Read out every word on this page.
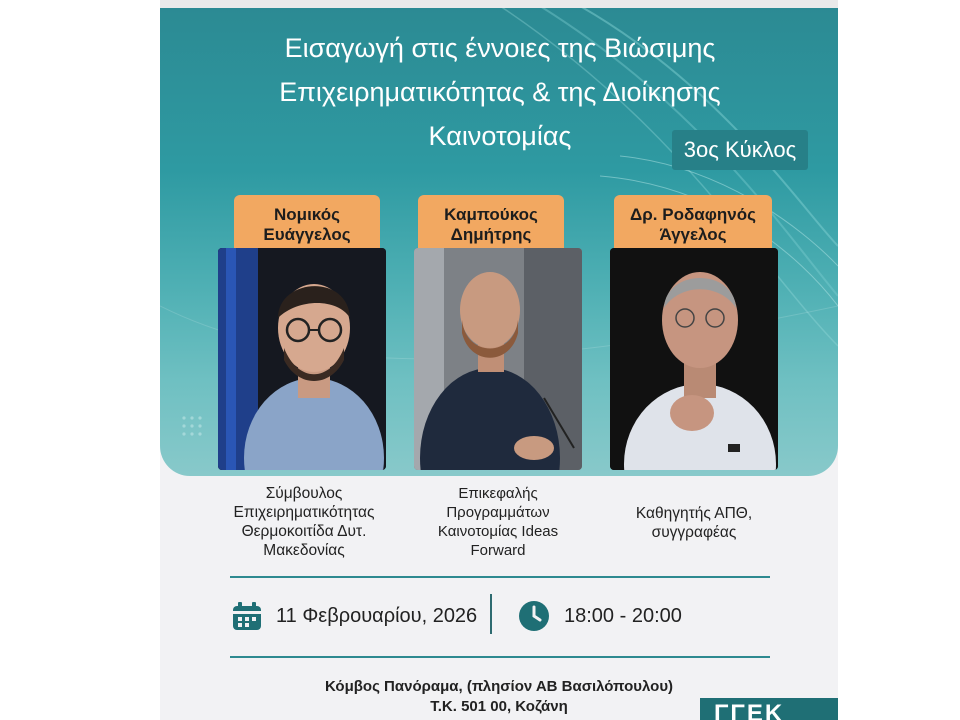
Εισαγωγή στις έννοιες της Βιώσιμης
Επιχειρηματικότητας & της Διοίκησης
Καινοτομίας	3ος Κύκλος
Νομικός
Ευάγγελος
Σύμβουλος
Επιχειρηματικότητας
Θερμοκοιτίδα Δυτ.
Μακεδονίας
Καμπούκος
Δημήτρης
Επικεφαλής
Προγραμμάτων
Καινοτομίας Ideas
Forward
Δρ. Ροδαφηνός
Άγγελος
Καθηγητής ΑΠΘ,
συγγραφέας
11 Φεβρουαρίου, 2026	18:00 - 20:00
Κόμβος Πανόραμα, (πλησίον ΑΒ Βασιλόπουλου)
Τ.Κ. 501 00, Κοζάνη	ΓΓΕΚ
